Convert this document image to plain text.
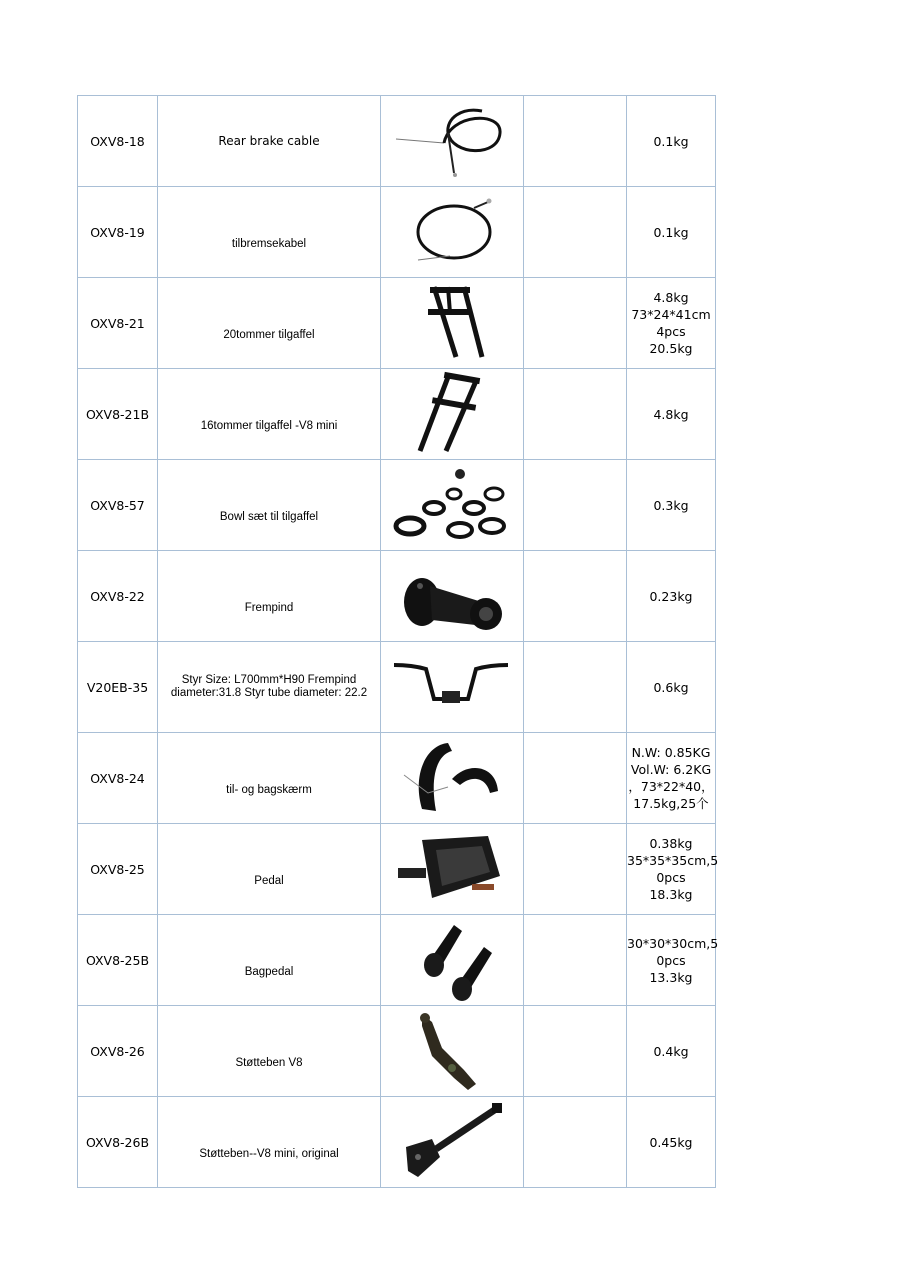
OXV8-18	Rear brake cable			0.1kg

OXV8-19	tilbremsekabel			0.1kg

OXV8-21	20tommer tilgaffel			4.8kg
73*24*41cm
4pcs
20.5kg

OXV8-21B	16tommer tilgaffel -V8 mini			4.8kg

OXV8-57	Bowl sæt til tilgaffel			0.3kg

OXV8-22	Frempind			0.23kg

V20EB-35	Styr Size: L700mm*H90 Frempind diameter:31.8 Styr tube diameter: 22.2			0.6kg

OXV8-24	til- og bagskærm			N.W: 0.85KG
Vol.W: 6.2KG
，73*22*40，
17.5kg,25个

OXV8-25	Pedal			0.38kg
35*35*35cm,5
0pcs
18.3kg

OXV8-25B	Bagpedal			30*30*30cm,5
0pcs
13.3kg

OXV8-26	Støtteben V8			0.4kg

OXV8-26B	Støtteben--V8 mini, original			0.45kg
